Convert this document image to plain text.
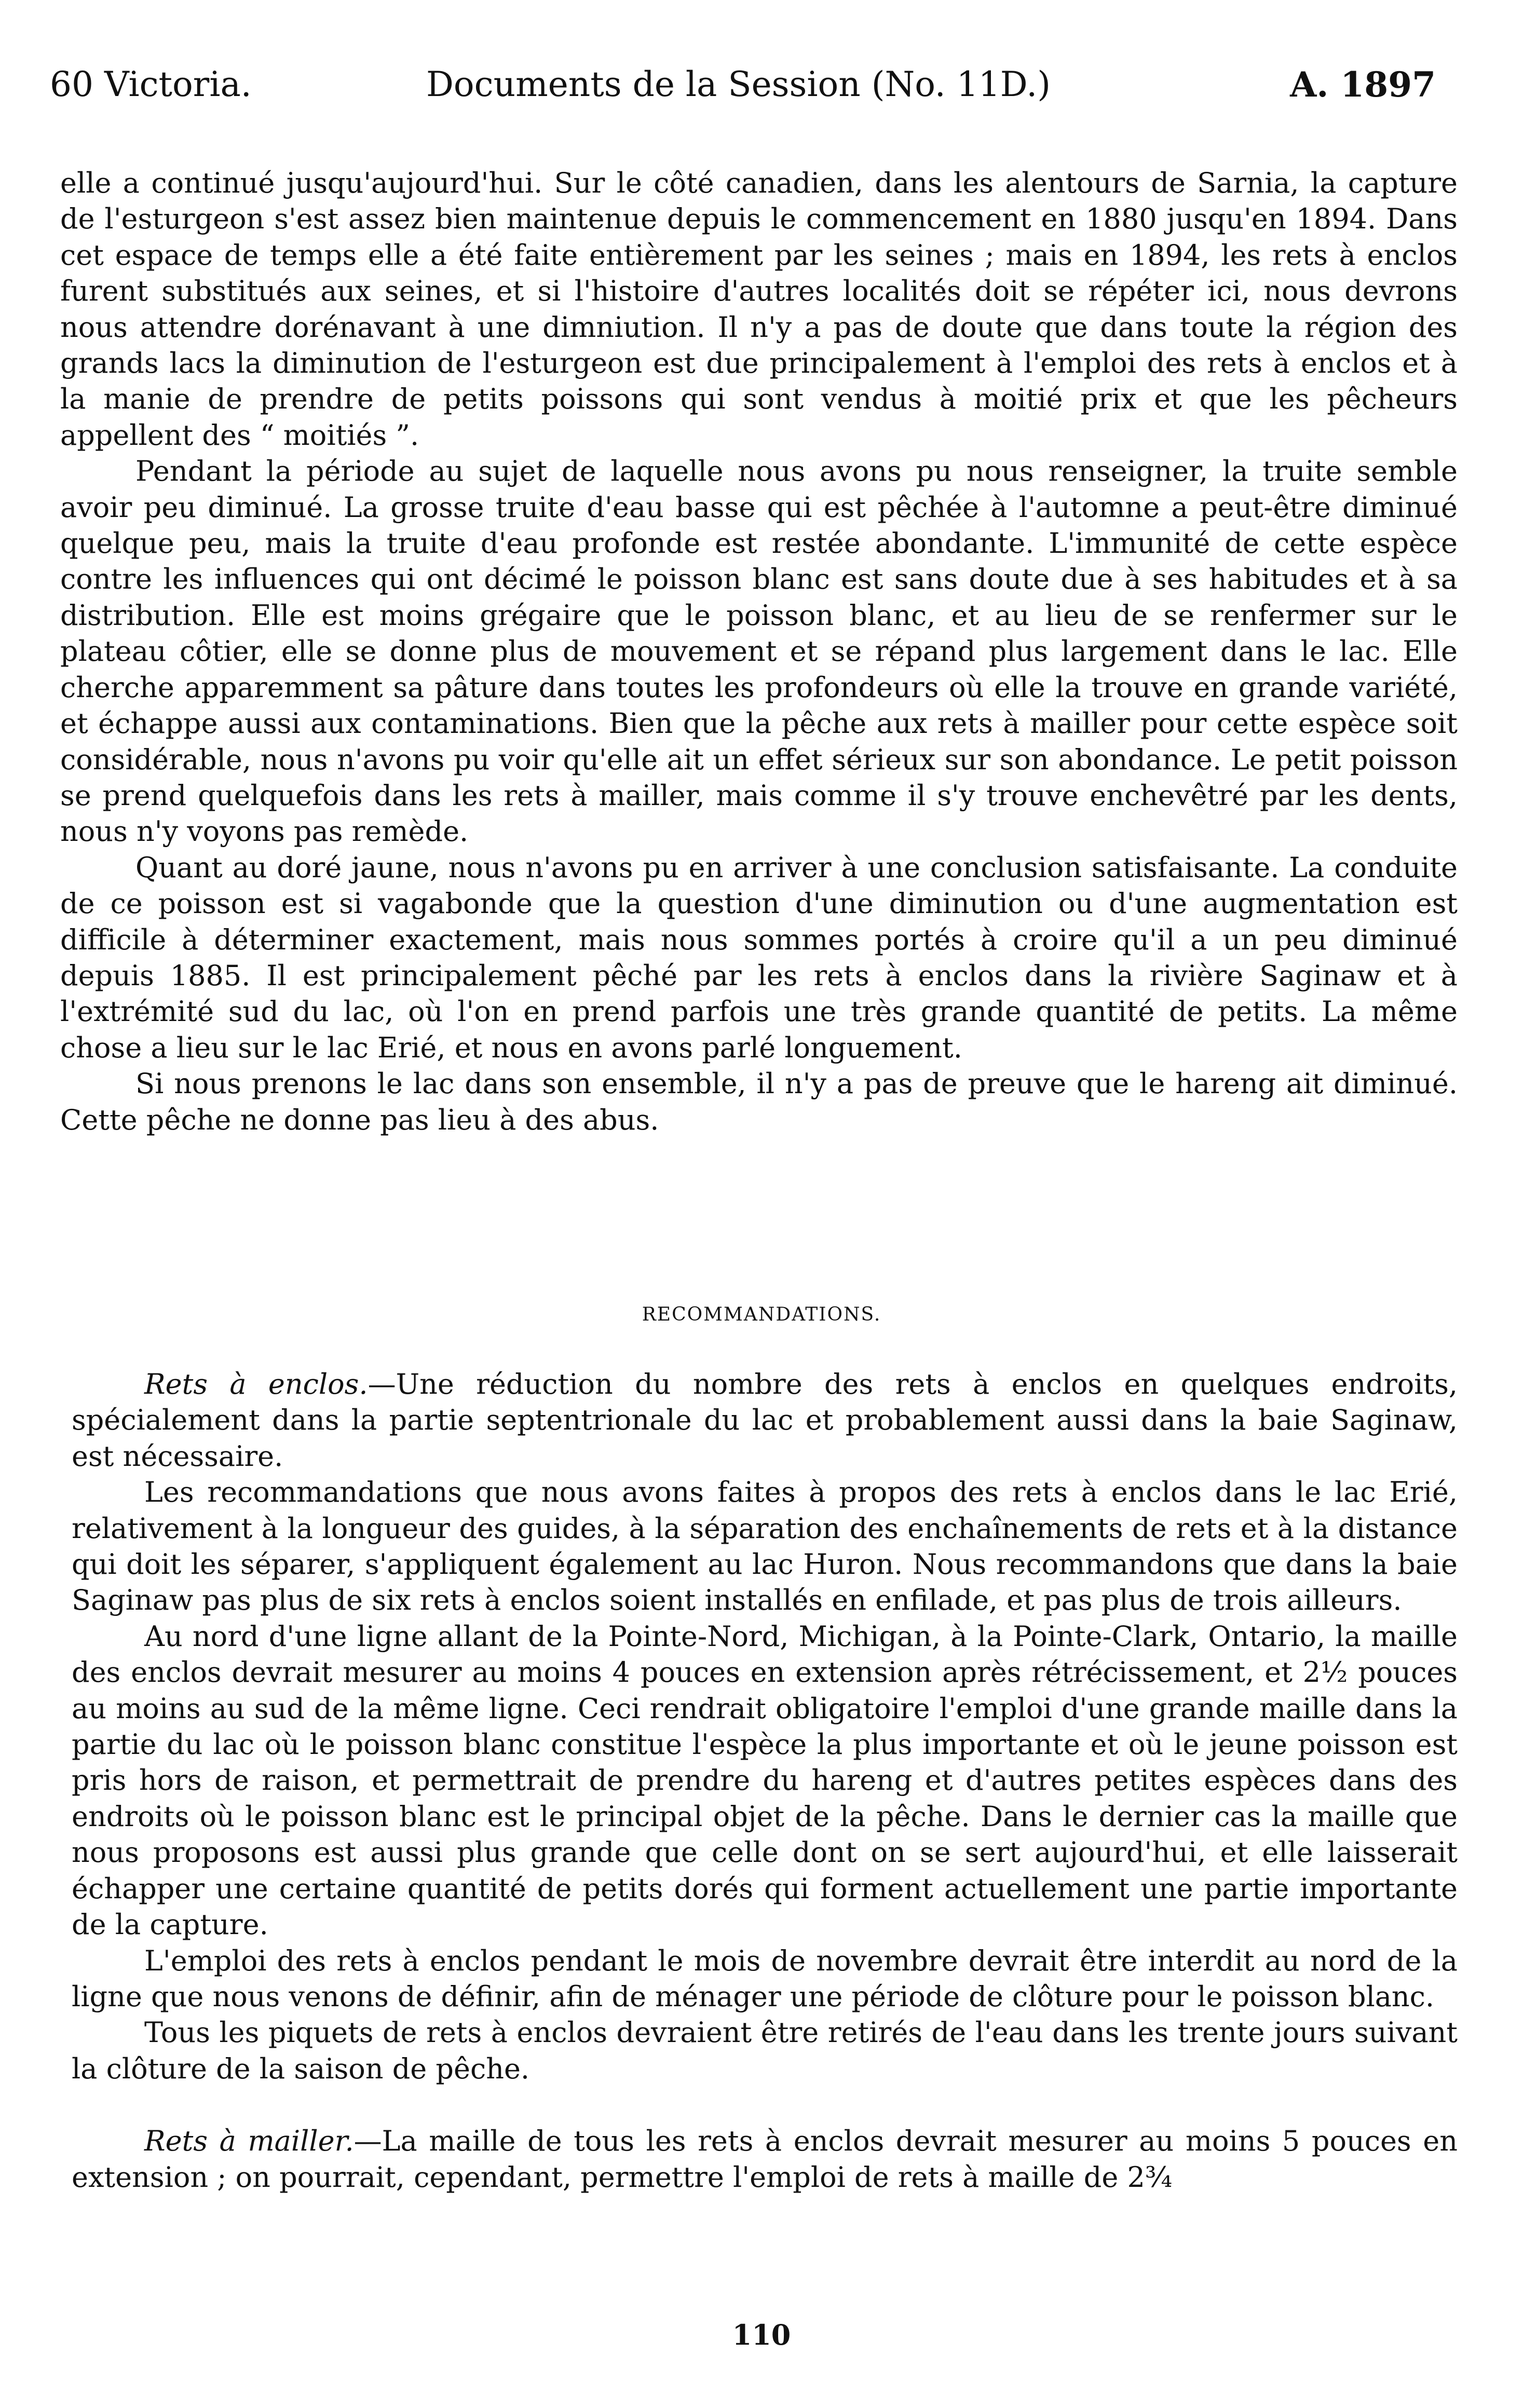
60 Victoria.	Documents de la Session (No. 11D.)	A. 1897

elle a continué jusqu'aujourd'hui. Sur le côté canadien, dans les alentours de Sarnia, la capture de l'esturgeon s'est assez bien maintenue depuis le commencement en 1880 jusqu'en 1894. Dans cet espace de temps elle a été faite entièrement par les seines ; mais en 1894, les rets à enclos furent substitués aux seines, et si l'histoire d'autres localités doit se répéter ici, nous devrons nous attendre dorénavant à une dimniution. Il n'y a pas de doute que dans toute la région des grands lacs la diminution de l'esturgeon est due principalement à l'emploi des rets à enclos et à la manie de prendre de petits poissons qui sont vendus à moitié prix et que les pêcheurs appellent des “ moitiés ”.

Pendant la période au sujet de laquelle nous avons pu nous renseigner, la truite semble avoir peu diminué. La grosse truite d'eau basse qui est pêchée à l'automne a peut-être diminué quelque peu, mais la truite d'eau profonde est restée abondante. L'immunité de cette espèce contre les influences qui ont décimé le poisson blanc est sans doute due à ses habitudes et à sa distribution. Elle est moins grégaire que le poisson blanc, et au lieu de se renfermer sur le plateau côtier, elle se donne plus de mouvement et se répand plus largement dans le lac. Elle cherche apparemment sa pâture dans toutes les profondeurs où elle la trouve en grande variété, et échappe aussi aux contaminations. Bien que la pêche aux rets à mailler pour cette espèce soit considérable, nous n'avons pu voir qu'elle ait un effet sérieux sur son abondance. Le petit poisson se prend quelquefois dans les rets à mailler, mais comme il s'y trouve enchevêtré par les dents, nous n'y voyons pas remède.

Quant au doré jaune, nous n'avons pu en arriver à une conclusion satisfaisante. La conduite de ce poisson est si vagabonde que la question d'une diminution ou d'une augmentation est difficile à déterminer exactement, mais nous sommes portés à croire qu'il a un peu diminué depuis 1885. Il est principalement pêché par les rets à enclos dans la rivière Saginaw et à l'extrémité sud du lac, où l'on en prend parfois une très grande quantité de petits. La même chose a lieu sur le lac Erié, et nous en avons parlé longuement.

Si nous prenons le lac dans son ensemble, il n'y a pas de preuve que le hareng ait diminué. Cette pêche ne donne pas lieu à des abus.

RECOMMANDATIONS.

Rets à enclos.—Une réduction du nombre des rets à enclos en quelques endroits, spécialement dans la partie septentrionale du lac et probablement aussi dans la baie Saginaw, est nécessaire.

Les recommandations que nous avons faites à propos des rets à enclos dans le lac Erié, relativement à la longueur des guides, à la séparation des enchaînements de rets et à la distance qui doit les séparer, s'appliquent également au lac Huron. Nous recommandons que dans la baie Saginaw pas plus de six rets à enclos soient installés en enfilade, et pas plus de trois ailleurs.

Au nord d'une ligne allant de la Pointe-Nord, Michigan, à la Pointe-Clark, Ontario, la maille des enclos devrait mesurer au moins 4 pouces en extension après rétrécissement, et 2½ pouces au moins au sud de la même ligne. Ceci rendrait obligatoire l'emploi d'une grande maille dans la partie du lac où le poisson blanc constitue l'espèce la plus importante et où le jeune poisson est pris hors de raison, et permettrait de prendre du hareng et d'autres petites espèces dans des endroits où le poisson blanc est le principal objet de la pêche. Dans le dernier cas la maille que nous proposons est aussi plus grande que celle dont on se sert aujourd'hui, et elle laisserait échapper une certaine quantité de petits dorés qui forment actuellement une partie importante de la capture.

L'emploi des rets à enclos pendant le mois de novembre devrait être interdit au nord de la ligne que nous venons de définir, afin de ménager une période de clôture pour le poisson blanc.

Tous les piquets de rets à enclos devraient être retirés de l'eau dans les trente jours suivant la clôture de la saison de pêche.

Rets à mailler.—La maille de tous les rets à enclos devrait mesurer au moins 5 pouces en extension ; on pourrait, cependant, permettre l'emploi de rets à maille de 2¾

110
